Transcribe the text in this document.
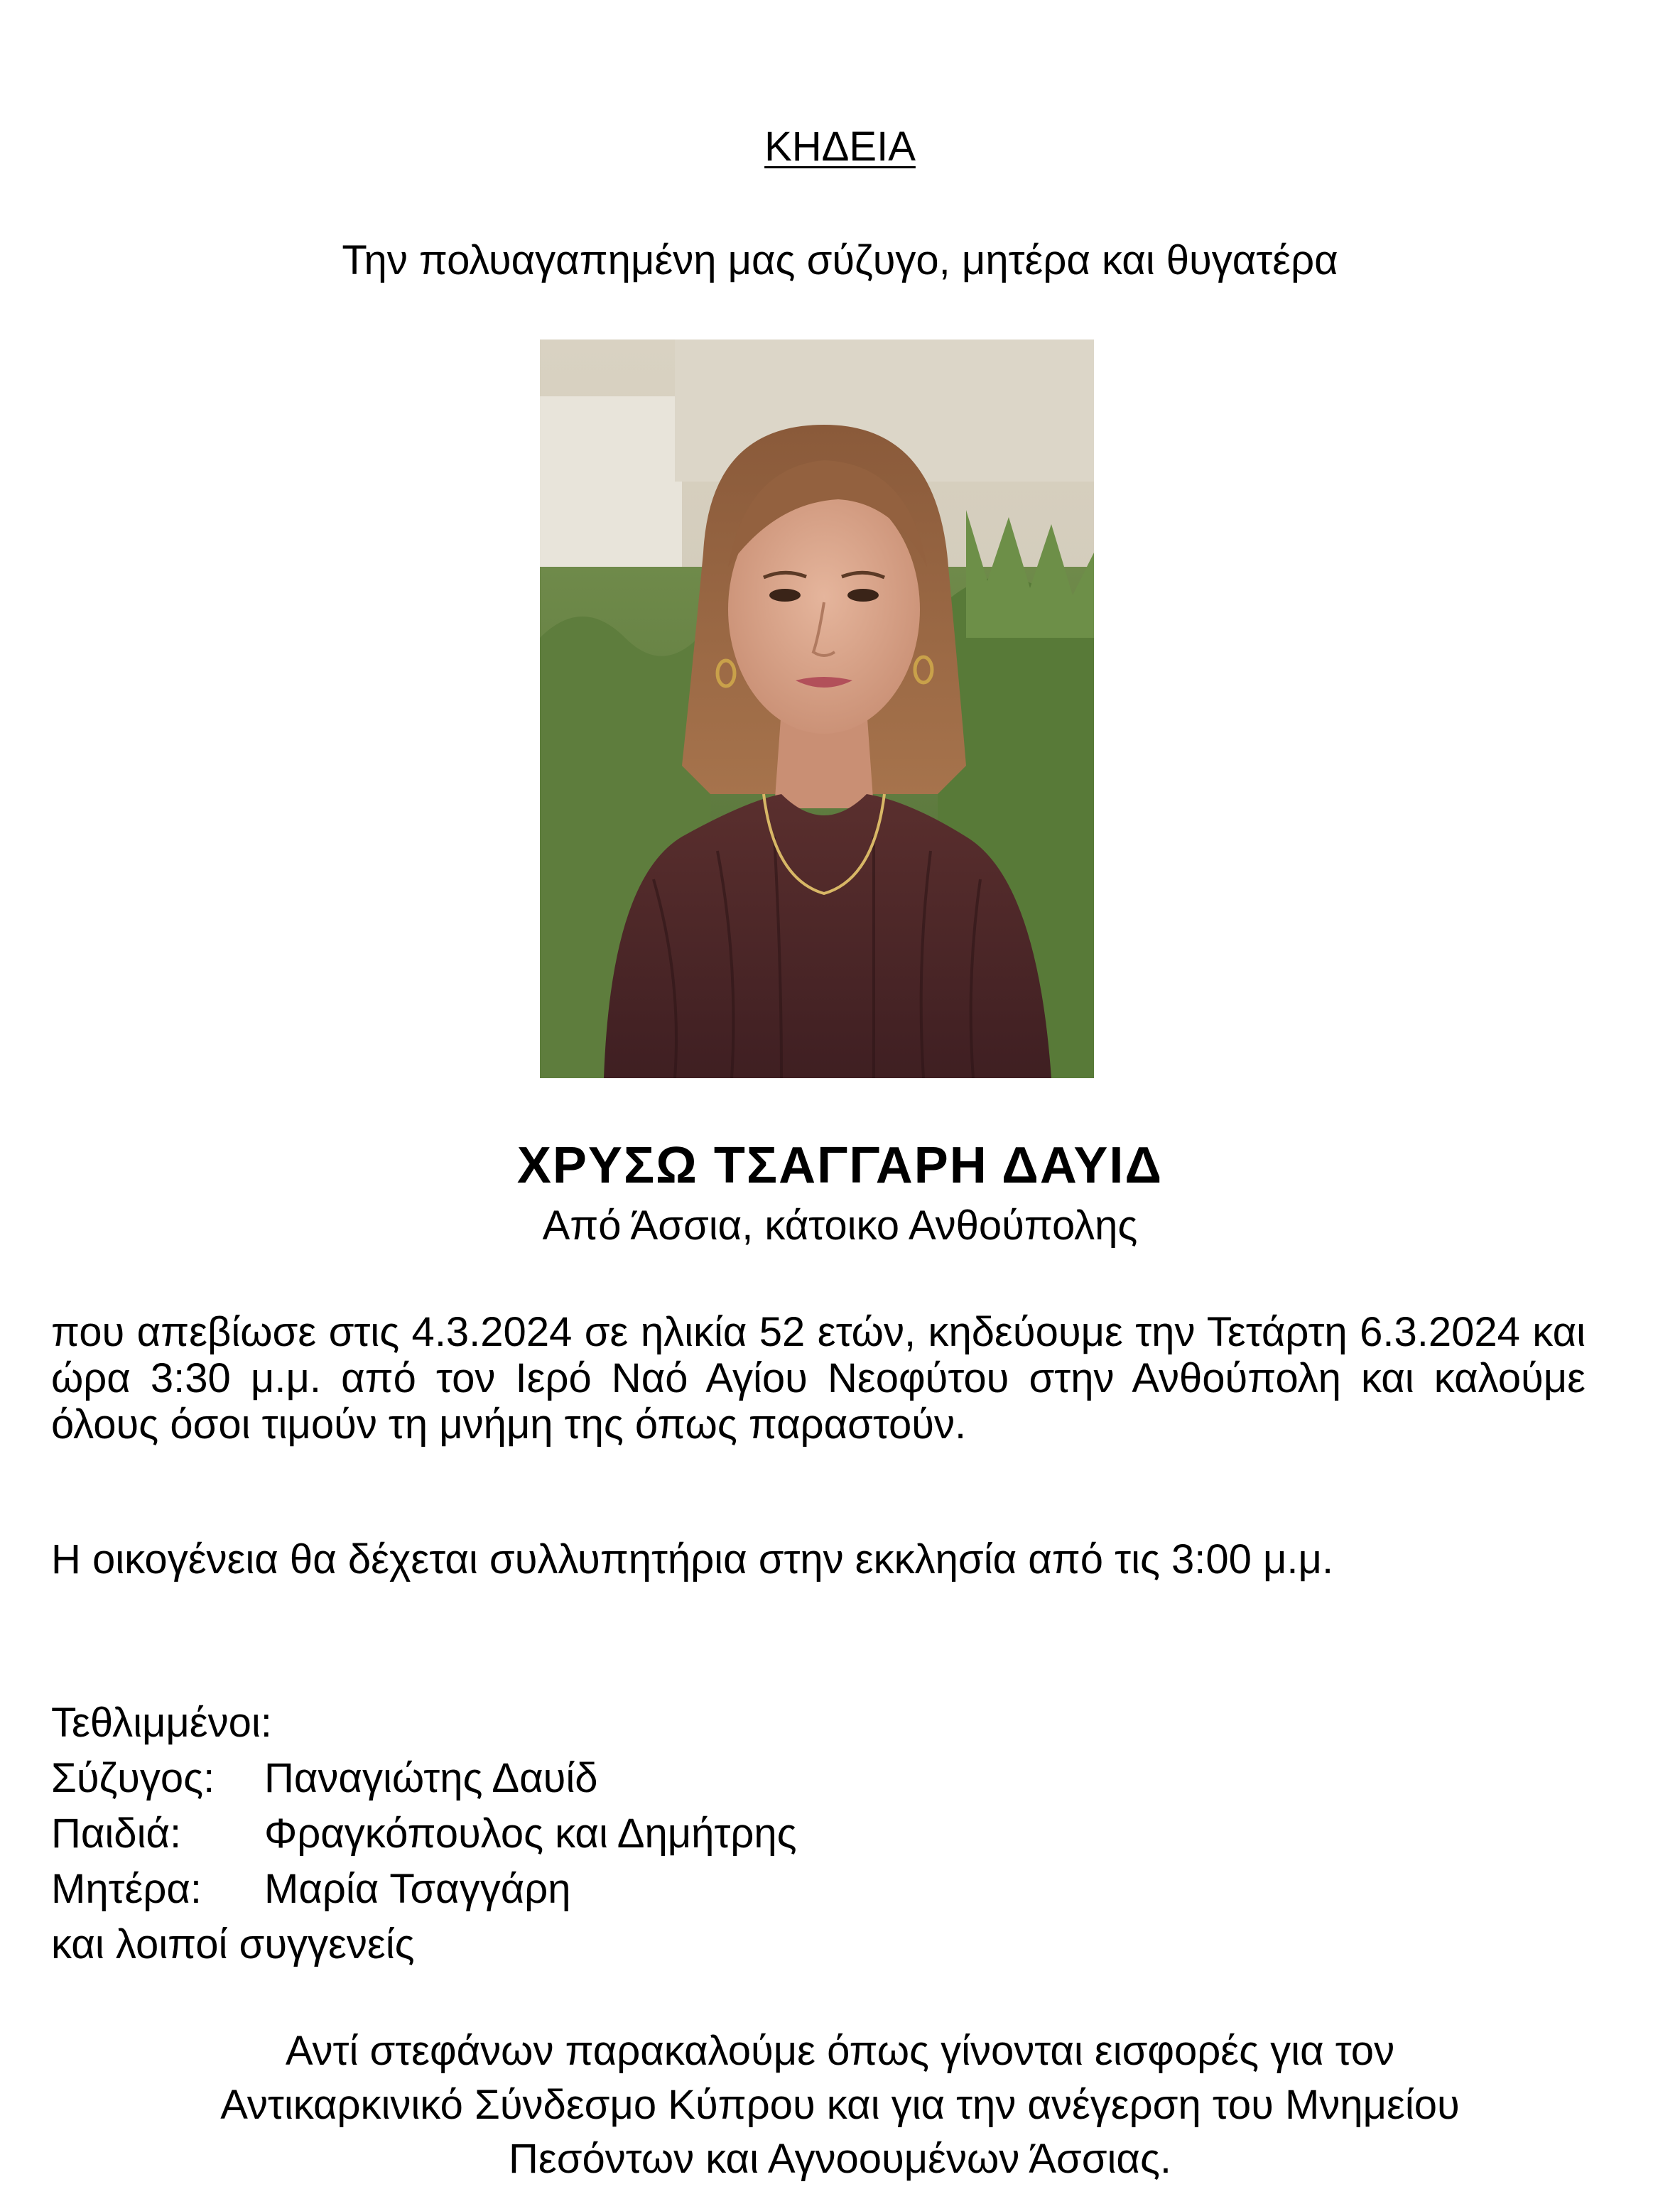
ΚΗΔΕΙΑ
Την πολυαγαπημένη μας σύζυγο, μητέρα και θυγατέρα
ΧΡΥΣΩ ΤΣΑΓΓΑΡΗ ΔΑΥΙΔ
Από Άσσια, κάτοικο Ανθούπολης
που απεβίωσε στις 4.3.2024 σε ηλικία 52 ετών, κηδεύουμε την Τετάρτη 6.3.2024 και ώρα 3:30 μ.μ. από τον Ιερό Ναό Αγίου Νεοφύτου στην Ανθούπολη και καλούμε όλους όσοι τιμούν τη μνήμη της όπως παραστούν.
Η οικογένεια θα δέχεται συλλυπητήρια στην εκκλησία από τις 3:00 μ.μ.
Τεθλιμμένοι:
Σύζυγος:	Παναγιώτης Δαυίδ
Παιδιά:	Φραγκόπουλος και Δημήτρης
Μητέρα:	Μαρία Τσαγγάρη
και λοιποί συγγενείς
Αντί στεφάνων παρακαλούμε όπως γίνονται εισφορές για τον
Αντικαρκινικό Σύνδεσμο Κύπρου και για την ανέγερση του Μνημείου
Πεσόντων και Αγνοουμένων Άσσιας.
